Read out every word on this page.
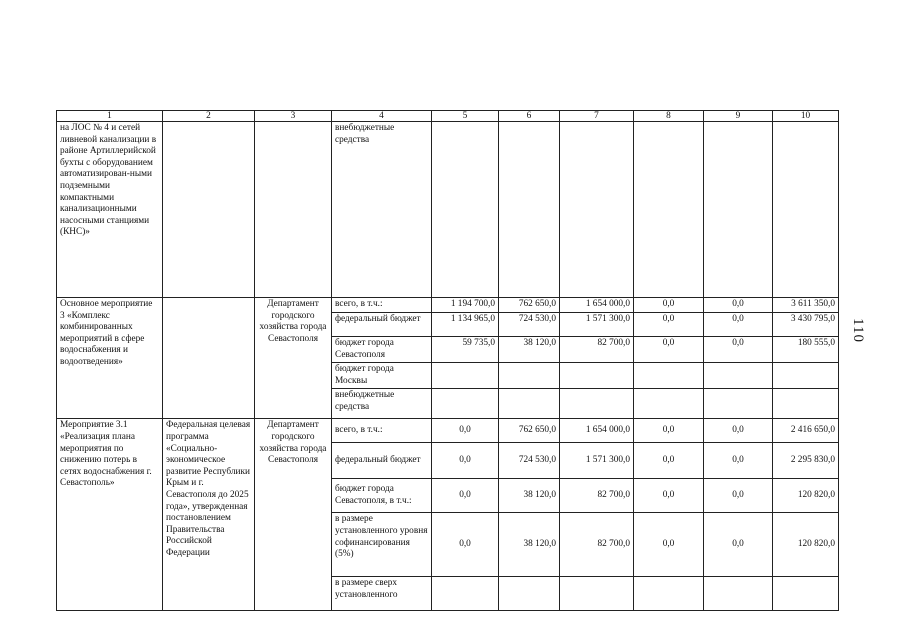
110
1	2	3	4	5	6	7	8	9	10
на ЛОС № 4 и сетей ливневой канализации в районе Артиллерийской бухты с оборудованием автоматизирован-ными подземными компактными канализационными насосными станциями (КНС)»			внебюджетные средства						
Основное мероприятие 3 «Комплекс комбинированных мероприятий в сфере водоснабжения и водоотведения»		Департамент городского хозяйства города Севастополя	всего, в т.ч.:	1 194 700,0	762 650,0	1 654 000,0	0,0	0,0	3 611 350,0
			федеральный бюджет	1 134 965,0	724 530,0	1 571 300,0	0,0	0,0	3 430 795,0
			бюджет города Севастополя	59 735,0	38 120,0	82 700,0	0,0	0,0	180 555,0
			бюджет города Москвы						
			внебюджетные средства						
Мероприятие 3.1 «Реализация плана мероприятия по снижению потерь в сетях водоснабжения г. Севастополь»	Федеральная целевая программа «Социально-экономическое развитие Республики Крым и г. Севастополя до 2025 года», утвержденная постановлением Правительства Российской Федерации	Департамент городского хозяйства города Севастополя	всего, в т.ч.:	0,0	762 650,0	1 654 000,0	0,0	0,0	2 416 650,0
			федеральный бюджет	0,0	724 530,0	1 571 300,0	0,0	0,0	2 295 830,0
			бюджет города Севастополя, в т.ч.:	0,0	38 120,0	82 700,0	0,0	0,0	120 820,0
			в размере установленного уровня софинансирования (5%)	0,0	38 120,0	82 700,0	0,0	0,0	120 820,0
			в размере сверх установленного						
